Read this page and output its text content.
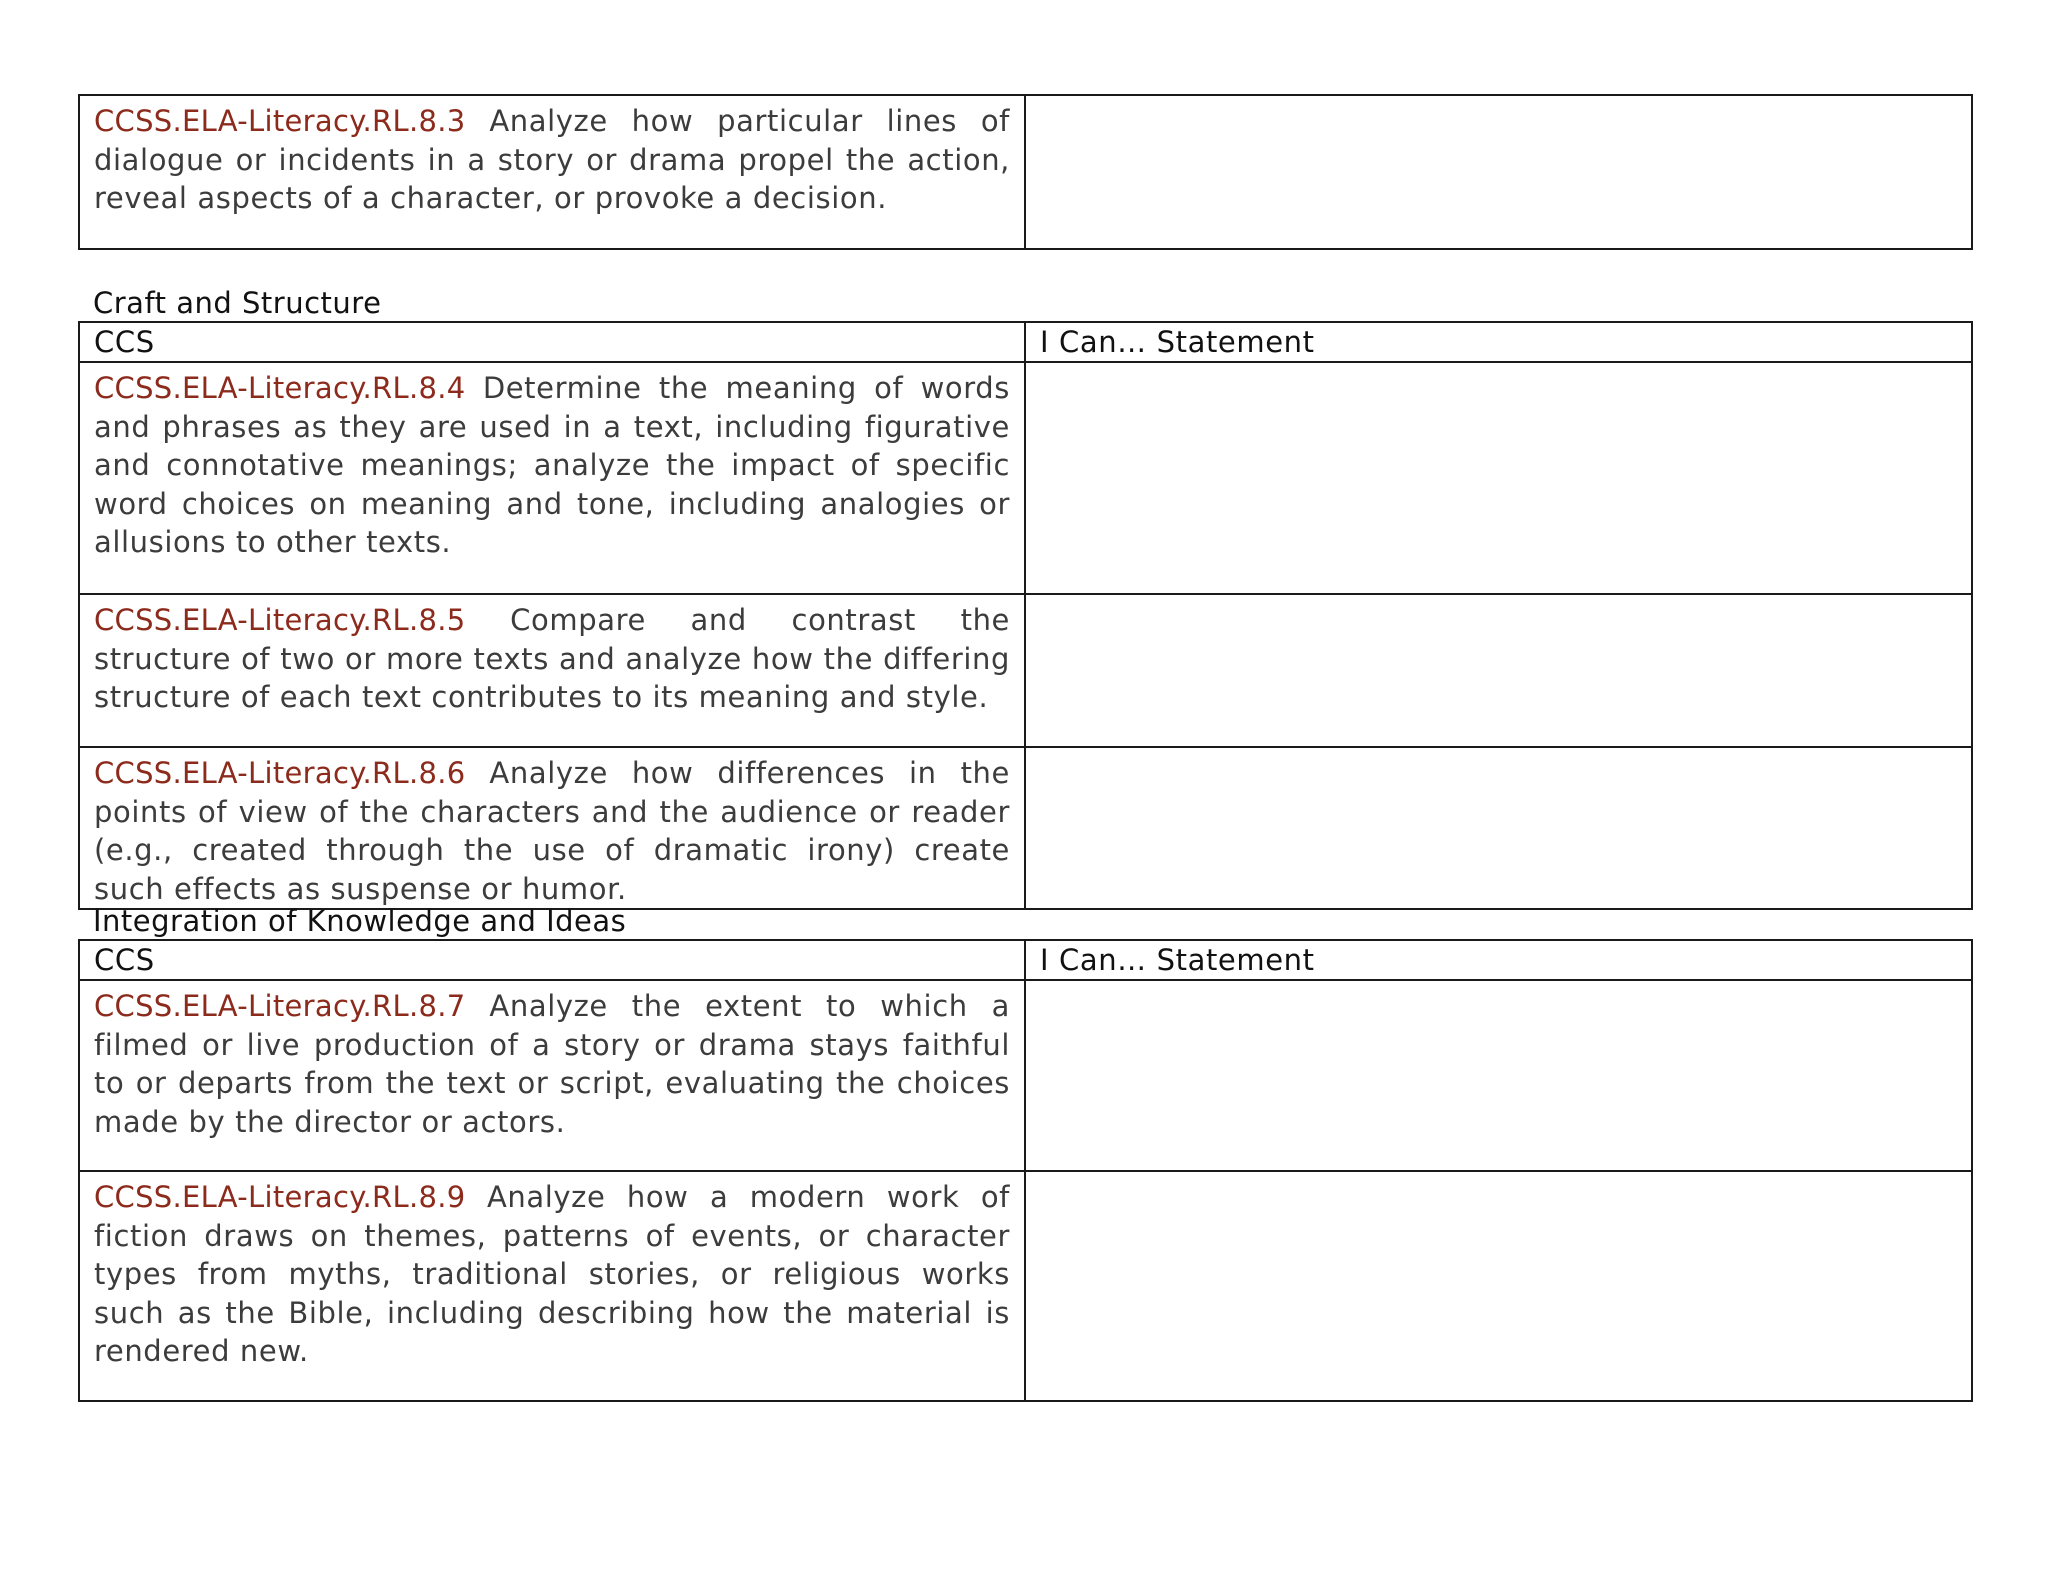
CCSS.ELA-Literacy.RL.8.3 Analyze how particular lines of dialogue or incidents in a story or drama propel the action, reveal aspects of a character, or provoke a decision.	
Craft and Structure
CCS	I Can… Statement
CCSS.ELA-Literacy.RL.8.4 Determine the meaning of words and phrases as they are used in a text, including figurative and connotative meanings; analyze the impact of specific word choices on meaning and tone, including analogies or allusions to other texts.	
CCSS.ELA-Literacy.RL.8.5 Compare and contrast the structure of two or more texts and analyze how the differing structure of each text contributes to its meaning and style.	
CCSS.ELA-Literacy.RL.8.6 Analyze how differences in the points of view of the characters and the audience or reader (e.g., created through the use of dramatic irony) create such effects as suspense or humor.	
Integration of Knowledge and Ideas
CCS	I Can… Statement
CCSS.ELA-Literacy.RL.8.7 Analyze the extent to which a filmed or live production of a story or drama stays faithful to or departs from the text or script, evaluating the choices made by the director or actors.	
CCSS.ELA-Literacy.RL.8.9 Analyze how a modern work of fiction draws on themes, patterns of events, or character types from myths, traditional stories, or religious works such as the Bible, including describing how the material is rendered new.	
